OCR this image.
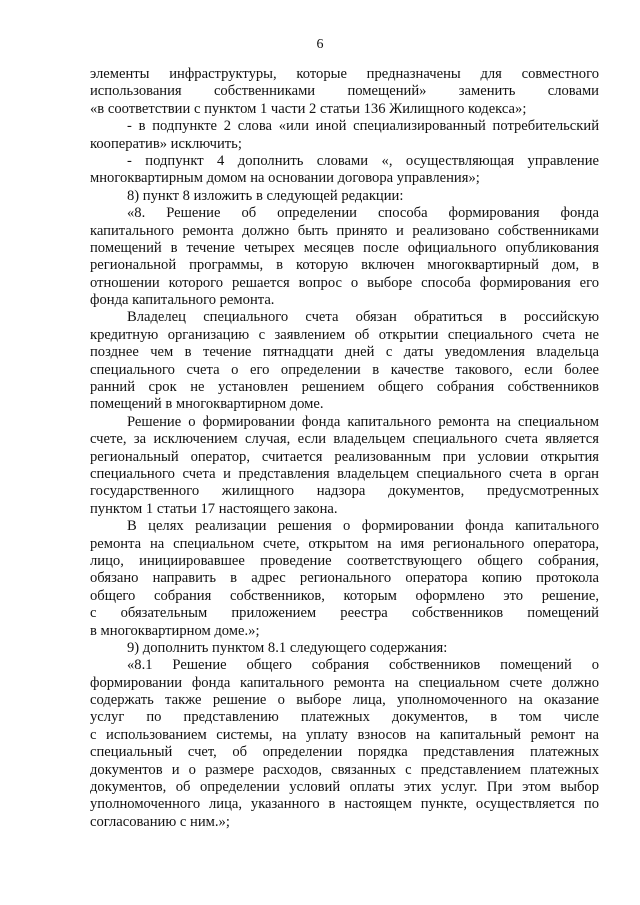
6
элементы инфраструктуры, которые предназначены для совместного
использования собственниками помещений» заменить словами
«в соответствии с пунктом 1 части 2 статьи 136 Жилищного кодекса»;
- в подпункте 2 слова «или иной специализированный потребительский
кооператив» исключить;
- подпункт 4 дополнить словами «, осуществляющая управление
многоквартирным домом на основании договора управления»;
8) пункт 8 изложить в следующей редакции:
«8. Решение об определении способа формирования фонда
капитального ремонта должно быть принято и реализовано собственниками
помещений в течение четырех месяцев после официального опубликования
региональной программы, в которую включен многоквартирный дом, в
отношении которого решается вопрос о выборе способа формирования его
фонда капитального ремонта.
Владелец специального счета обязан обратиться в российскую
кредитную организацию с заявлением об открытии специального счета не
позднее чем в течение пятнадцати дней с даты уведомления владельца
специального счета о его определении в качестве такового, если более
ранний срок не установлен решением общего собрания собственников
помещений в многоквартирном доме.
Решение о формировании фонда капитального ремонта на специальном
счете, за исключением случая, если владельцем специального счета является
региональный оператор, считается реализованным при условии открытия
специального счета и представления владельцем специального счета в орган
государственного жилищного надзора документов, предусмотренных
пунктом 1 статьи 17 настоящего закона.
В целях реализации решения о формировании фонда капитального
ремонта на специальном счете, открытом на имя регионального оператора,
лицо, инициировавшее проведение соответствующего общего собрания,
обязано направить в адрес регионального оператора копию протокола
общего собрания собственников, которым оформлено это решение,
с обязательным приложением реестра собственников помещений
в многоквартирном доме.»;
9) дополнить пунктом 8.1 следующего содержания:
«8.1 Решение общего собрания собственников помещений о
формировании фонда капитального ремонта на специальном счете должно
содержать также решение о выборе лица, уполномоченного на оказание
услуг по представлению платежных документов, в том числе
с использованием системы, на уплату взносов на капитальный ремонт на
специальный счет, об определении порядка представления платежных
документов и о размере расходов, связанных с представлением платежных
документов, об определении условий оплаты этих услуг. При этом выбор
уполномоченного лица, указанного в настоящем пункте, осуществляется по
согласованию с ним.»;
